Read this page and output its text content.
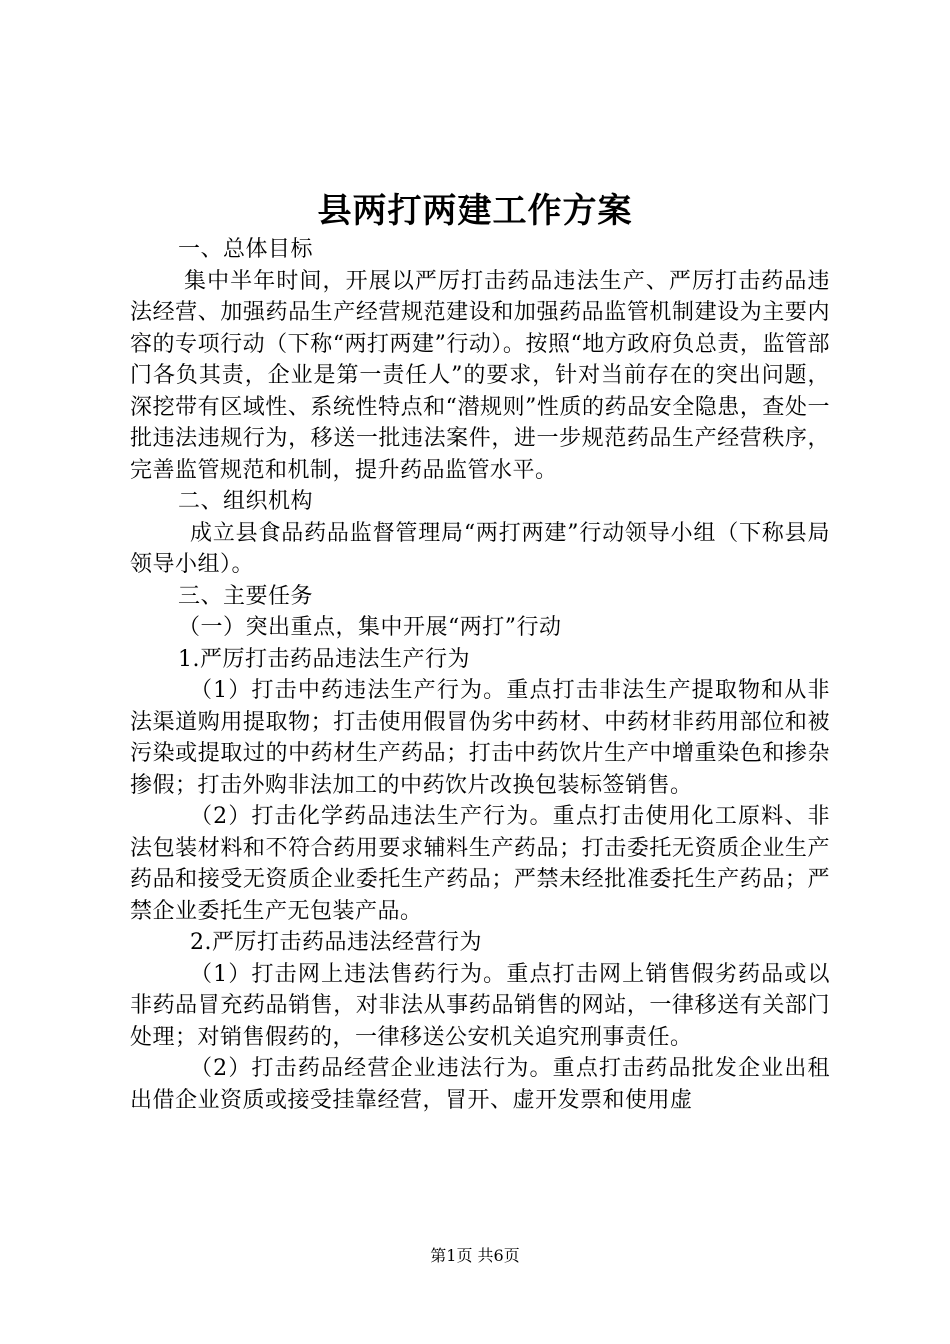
县两打两建工作方案

一、总体目标

集中半年时间，开展以严厉打击药品违法生产、严厉打击药品违法经营、加强药品生产经营规范建设和加强药品监管机制建设为主要内容的专项行动（下称“两打两建”行动）。按照“地方政府负总责，监管部门各负其责，企业是第一责任人”的要求，针对当前存在的突出问题，深挖带有区域性、系统性特点和“潜规则”性质的药品安全隐患，查处一批违法违规行为，移送一批违法案件，进一步规范药品生产经营秩序，完善监管规范和机制，提升药品监管水平。

二、组织机构

成立县食品药品监督管理局“两打两建”行动领导小组（下称县局领导小组）。

三、主要任务

（一）突出重点，集中开展“两打”行动

1.严厉打击药品违法生产行为

（1）打击中药违法生产行为。重点打击非法生产提取物和从非法渠道购用提取物；打击使用假冒伪劣中药材、中药材非药用部位和被污染或提取过的中药材生产药品；打击中药饮片生产中增重染色和掺杂掺假；打击外购非法加工的中药饮片改换包装标签销售。

（2）打击化学药品违法生产行为。重点打击使用化工原料、非法包装材料和不符合药用要求辅料生产药品；打击委托无资质企业生产药品和接受无资质企业委托生产药品；严禁未经批准委托生产药品；严禁企业委托生产无包装产品。

2.严厉打击药品违法经营行为

（1）打击网上违法售药行为。重点打击网上销售假劣药品或以非药品冒充药品销售，对非法从事药品销售的网站，一律移送有关部门处理；对销售假药的，一律移送公安机关追究刑事责任。

（2）打击药品经营企业违法行为。重点打击药品批发企业出租出借企业资质或接受挂靠经营，冒开、虚开发票和使用虚

第1页 共6页
